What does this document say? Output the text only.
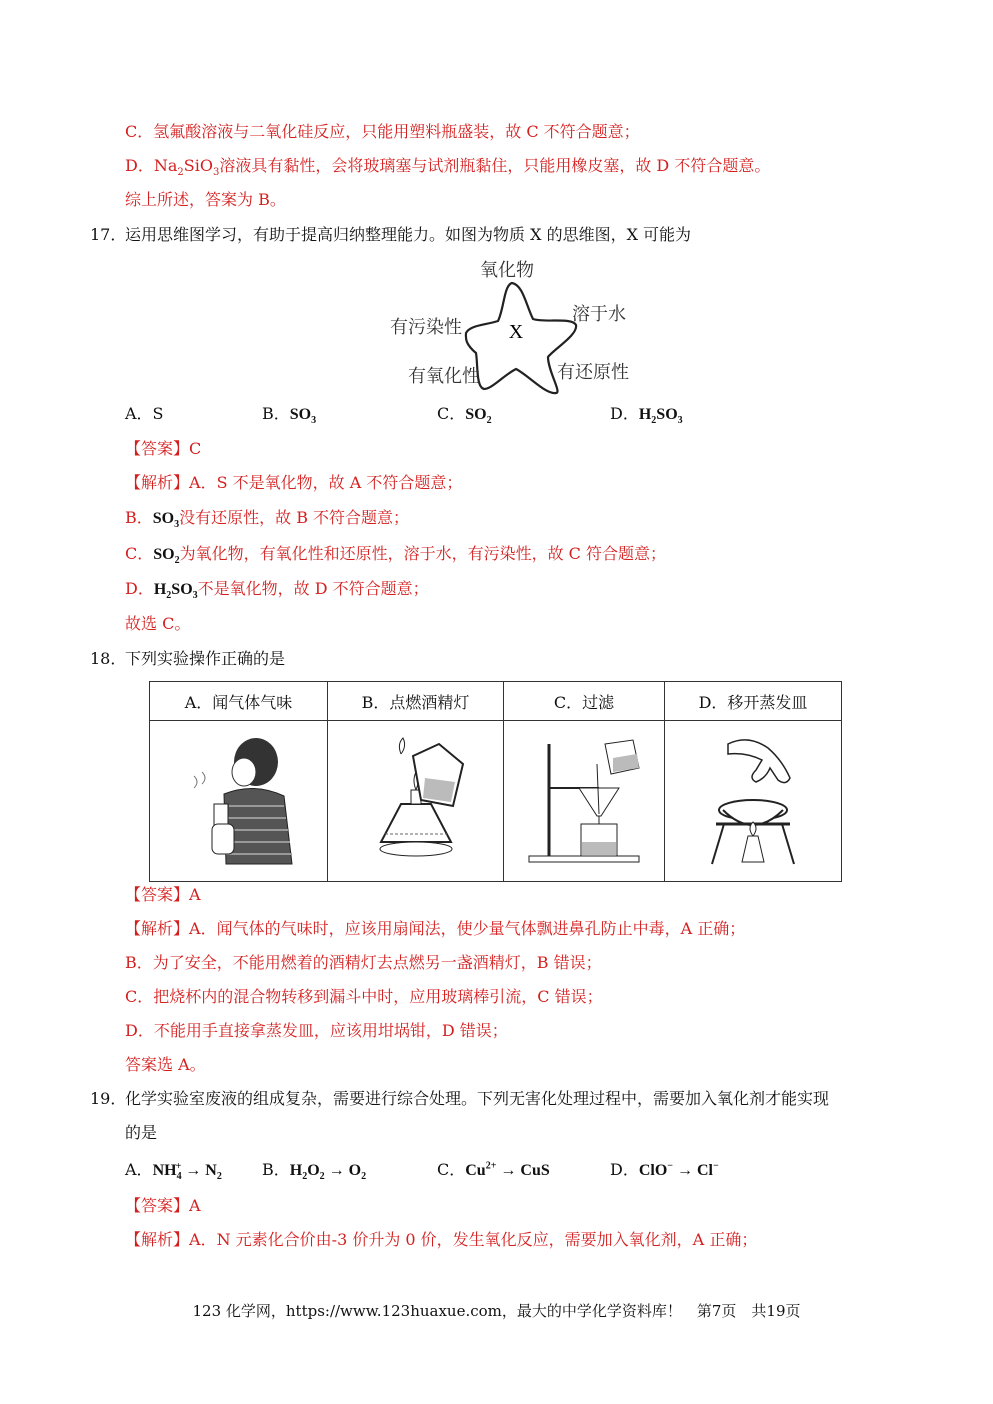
C．氢氟酸溶液与二氧化硅反应，只能用塑料瓶盛装，故 C 不符合题意；
D．$Na_2SiO_3$溶液具有黏性，会将玻璃塞与试剂瓶黏住，只能用橡皮塞，故 D 不符合题意。
综上所述，答案为 B。
17．
运用思维图学习，有助于提高归纳整理能力。如图为物质 X 的思维图，X 可能为
X
氧化物
溶于水
有污染性
有氧化性	有还原性
A．S	B．$SO_3$	C．$SO_2$	D．$H_2SO_3$
【答案】C
【解析】A．S 不是氧化物，故 A 不符合题意；
B．$SO_3$没有还原性，故 B 不符合题意；
C．$SO_2$为氧化物，有氧化性和还原性，溶于水，有污染性，故 C 符合题意；
D．$H_2SO_3$不是氧化物，故 D 不符合题意；
故选 C。
18．
下列实验操作正确的是
A．闻气体气味	B．点燃酒精灯	C．过滤	D．移开蒸发皿

【答案】A
【解析】A．闻气体的气味时，应该用扇闻法，使少量气体飘进鼻孔防止中毒，A 正确；
B．为了安全，不能用燃着的酒精灯去点燃另一盏酒精灯，B 错误；
C．把烧杯内的混合物转移到漏斗中时，应用玻璃棒引流，C 错误；
D．不能用手直接拿蒸发皿，应该用坩埚钳，D 错误；
答案选 A。
19．
化学实验室废液的组成复杂，需要进行综合处理。下列无害化处理过程中，需要加入氧化剂才能实现
的是
A．$NH_4^+ \to N_2$	B．$H_2O_2 \to O_2$	C．$Cu^{2+}$ → CuS	D．ClO− → Cl−
【答案】A
【解析】A．N 元素化合价由-3 价升为 0 价，发生氧化反应，需要加入氧化剂，A 正确；
123 化学网，https://www.123huaxue.com，最大的中学化学资料库！　第7页　共19页
